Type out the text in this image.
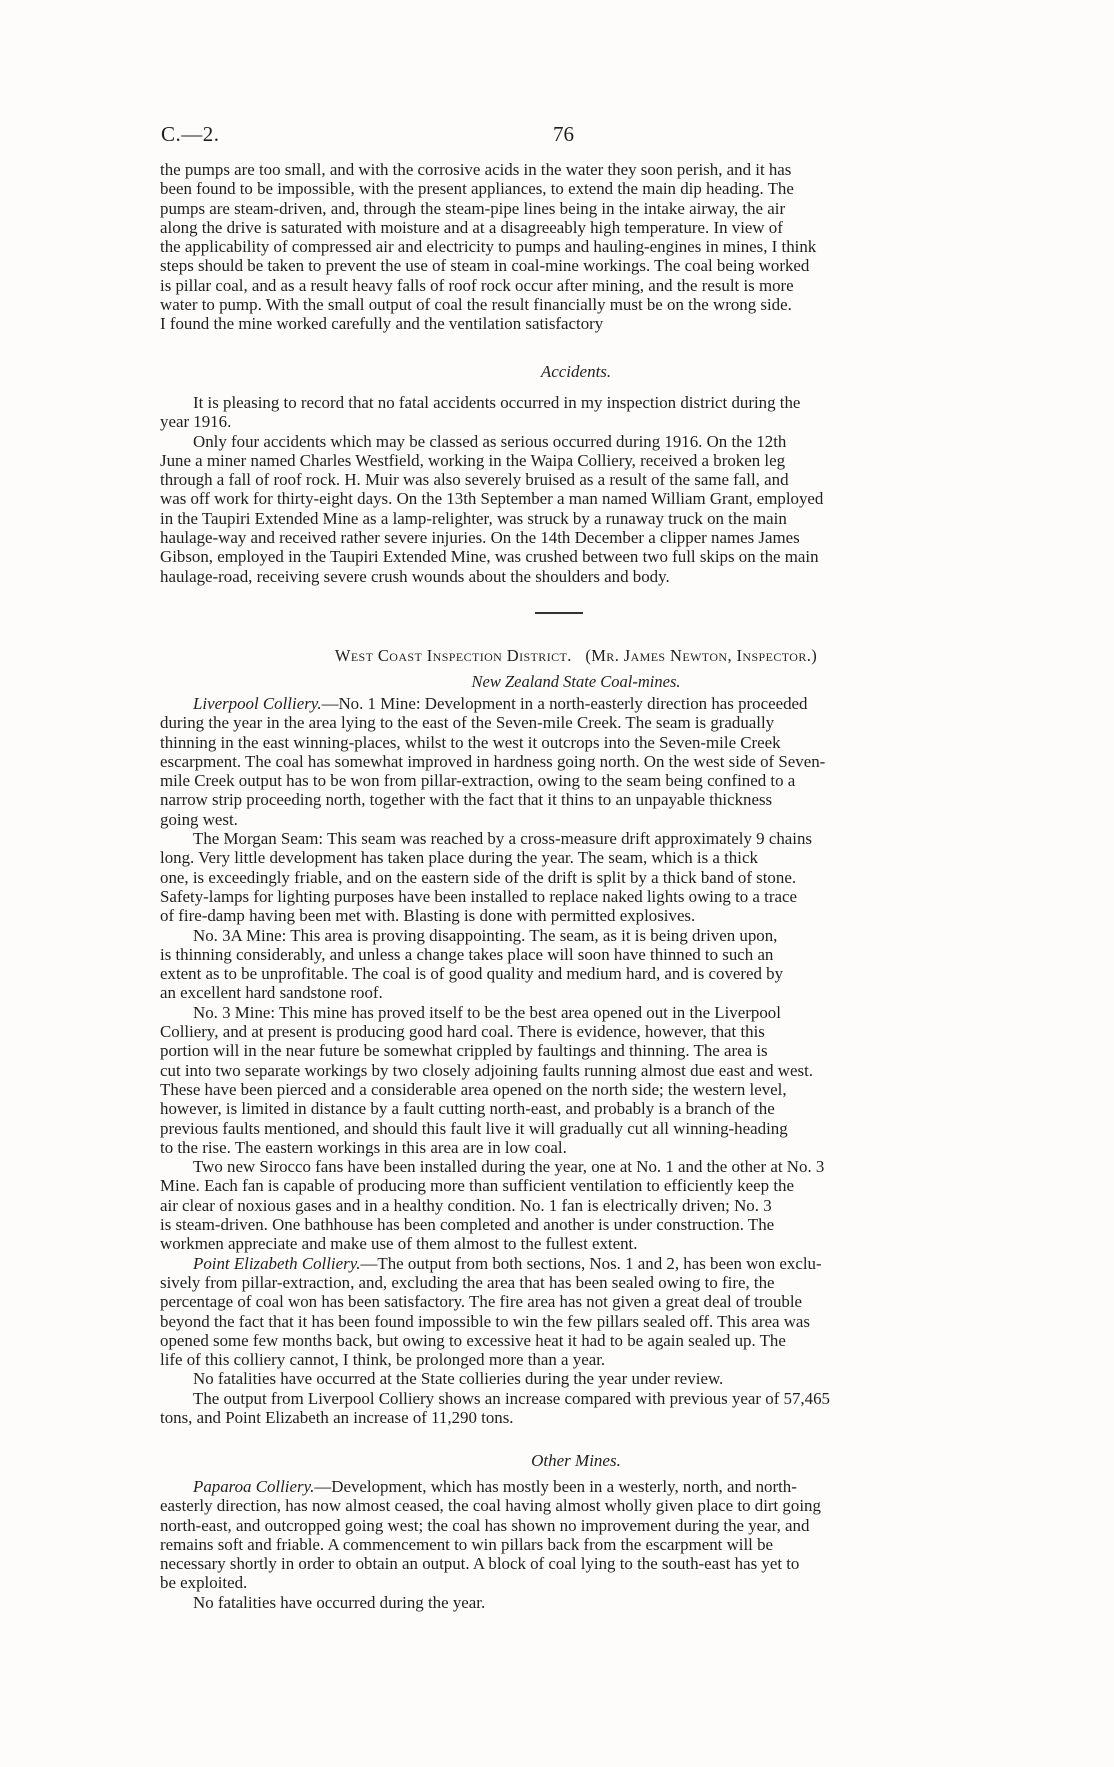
C.—2.	76

the pumps are too small, and with the corrosive acids in the water they soon perish, and it has
been found to be impossible, with the present appliances, to extend the main dip heading. The
pumps are steam-driven, and, through the steam-pipe lines being in the intake airway, the air
along the drive is saturated with moisture and at a disagreeably high temperature. In view of
the applicability of compressed air and electricity to pumps and hauling-engines in mines, I think
steps should be taken to prevent the use of steam in coal-mine workings. The coal being worked
is pillar coal, and as a result heavy falls of roof rock occur after mining, and the result is more
water to pump. With the small output of coal the result financially must be on the wrong side.
I found the mine worked carefully and the ventilation satisfactory

Accidents.

It is pleasing to record that no fatal accidents occurred in my inspection district during the
year 1916.

Only four accidents which may be classed as serious occurred during 1916. On the 12th
June a miner named Charles Westfield, working in the Waipa Colliery, received a broken leg
through a fall of roof rock. H. Muir was also severely bruised as a result of the same fall, and
was off work for thirty-eight days. On the 13th September a man named William Grant, employed
in the Taupiri Extended Mine as a lamp-relighter, was struck by a runaway truck on the main
haulage-way and received rather severe injuries. On the 14th December a clipper names James
Gibson, employed in the Taupiri Extended Mine, was crushed between two full skips on the main
haulage-road, receiving severe crush wounds about the shoulders and body.

West Coast Inspection District. (Mr. James Newton, Inspector.)
New Zealand State Coal-mines.

Liverpool Colliery.—No. 1 Mine: Development in a north-easterly direction has proceeded
during the year in the area lying to the east of the Seven-mile Creek. The seam is gradually
thinning in the east winning-places, whilst to the west it outcrops into the Seven-mile Creek
escarpment. The coal has somewhat improved in hardness going north. On the west side of Seven-
mile Creek output has to be won from pillar-extraction, owing to the seam being confined to a
narrow strip proceeding north, together with the fact that it thins to an unpayable thickness
going west.

The Morgan Seam: This seam was reached by a cross-measure drift approximately 9 chains
long. Very little development has taken place during the year. The seam, which is a thick
one, is exceedingly friable, and on the eastern side of the drift is split by a thick band of stone.
Safety-lamps for lighting purposes have been installed to replace naked lights owing to a trace
of fire-damp having been met with. Blasting is done with permitted explosives.

No. 3A Mine: This area is proving disappointing. The seam, as it is being driven upon,
is thinning considerably, and unless a change takes place will soon have thinned to such an
extent as to be unprofitable. The coal is of good quality and medium hard, and is covered by
an excellent hard sandstone roof.

No. 3 Mine: This mine has proved itself to be the best area opened out in the Liverpool
Colliery, and at present is producing good hard coal. There is evidence, however, that this
portion will in the near future be somewhat crippled by faultings and thinning. The area is
cut into two separate workings by two closely adjoining faults running almost due east and west.
These have been pierced and a considerable area opened on the north side; the western level,
however, is limited in distance by a fault cutting north-east, and probably is a branch of the
previous faults mentioned, and should this fault live it will gradually cut all winning-heading
to the rise. The eastern workings in this area are in low coal.

Two new Sirocco fans have been installed during the year, one at No. 1 and the other at No. 3
Mine. Each fan is capable of producing more than sufficient ventilation to efficiently keep the
air clear of noxious gases and in a healthy condition. No. 1 fan is electrically driven; No. 3
is steam-driven. One bathhouse has been completed and another is under construction. The
workmen appreciate and make use of them almost to the fullest extent.

Point Elizabeth Colliery.—The output from both sections, Nos. 1 and 2, has been won exclu-
sively from pillar-extraction, and, excluding the area that has been sealed owing to fire, the
percentage of coal won has been satisfactory. The fire area has not given a great deal of trouble
beyond the fact that it has been found impossible to win the few pillars sealed off. This area was
opened some few months back, but owing to excessive heat it had to be again sealed up. The
life of this colliery cannot, I think, be prolonged more than a year.

No fatalities have occurred at the State collieries during the year under review.

The output from Liverpool Colliery shows an increase compared with previous year of 57,465
tons, and Point Elizabeth an increase of 11,290 tons.

Other Mines.

Paparoa Colliery.—Development, which has mostly been in a westerly, north, and north-
easterly direction, has now almost ceased, the coal having almost wholly given place to dirt going
north-east, and outcropped going west; the coal has shown no improvement during the year, and
remains soft and friable. A commencement to win pillars back from the escarpment will be
necessary shortly in order to obtain an output. A block of coal lying to the south-east has yet to
be exploited.

No fatalities have occurred during the year.
